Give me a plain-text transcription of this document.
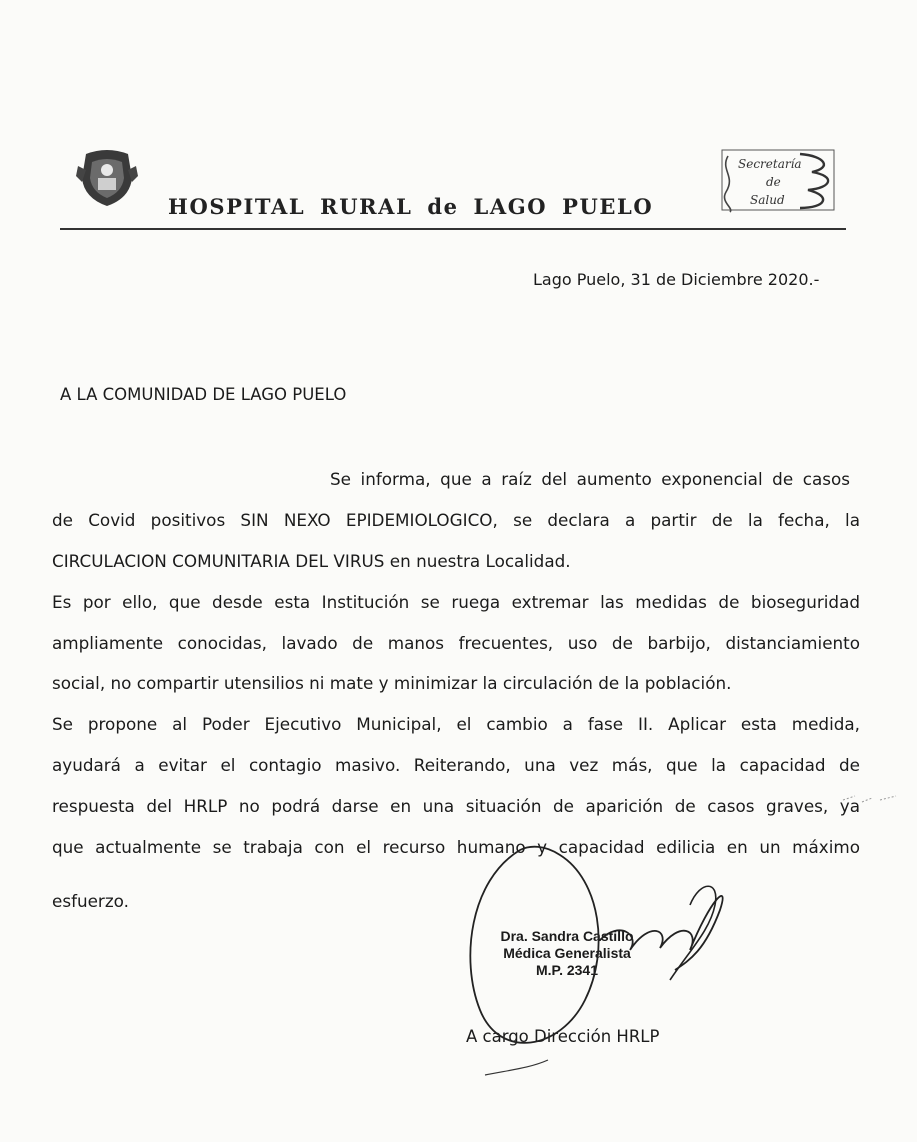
Secretaría
de
Salud
HOSPITAL RURAL de LAGO PUELO
Lago Puelo, 31 de Diciembre 2020.-
A LA COMUNIDAD DE LAGO PUELO
Se informa, que a raíz del aumento exponencial de casos
de Covid positivos SIN NEXO EPIDEMIOLOGICO, se declara a partir de la fecha, la
CIRCULACION COMUNITARIA DEL VIRUS en nuestra Localidad.
Es por ello, que desde esta Institución se ruega extremar las medidas de bioseguridad
ampliamente conocidas, lavado de manos frecuentes, uso de barbijo, distanciamiento
social, no compartir utensilios ni mate y minimizar la circulación de la población.
Se propone al Poder Ejecutivo Municipal, el cambio a fase II. Aplicar esta medida,
ayudará a evitar el contagio masivo. Reiterando, una vez más, que la capacidad de
respuesta del HRLP no podrá darse en una situación de aparición de casos graves, ya
que actualmente se trabaja con el recurso humano y capacidad edilicia en un máximo
esfuerzo.
Dra. Sandra Castillo
Médica Generalista
M.P. 2341
A cargo Dirección HRLP
